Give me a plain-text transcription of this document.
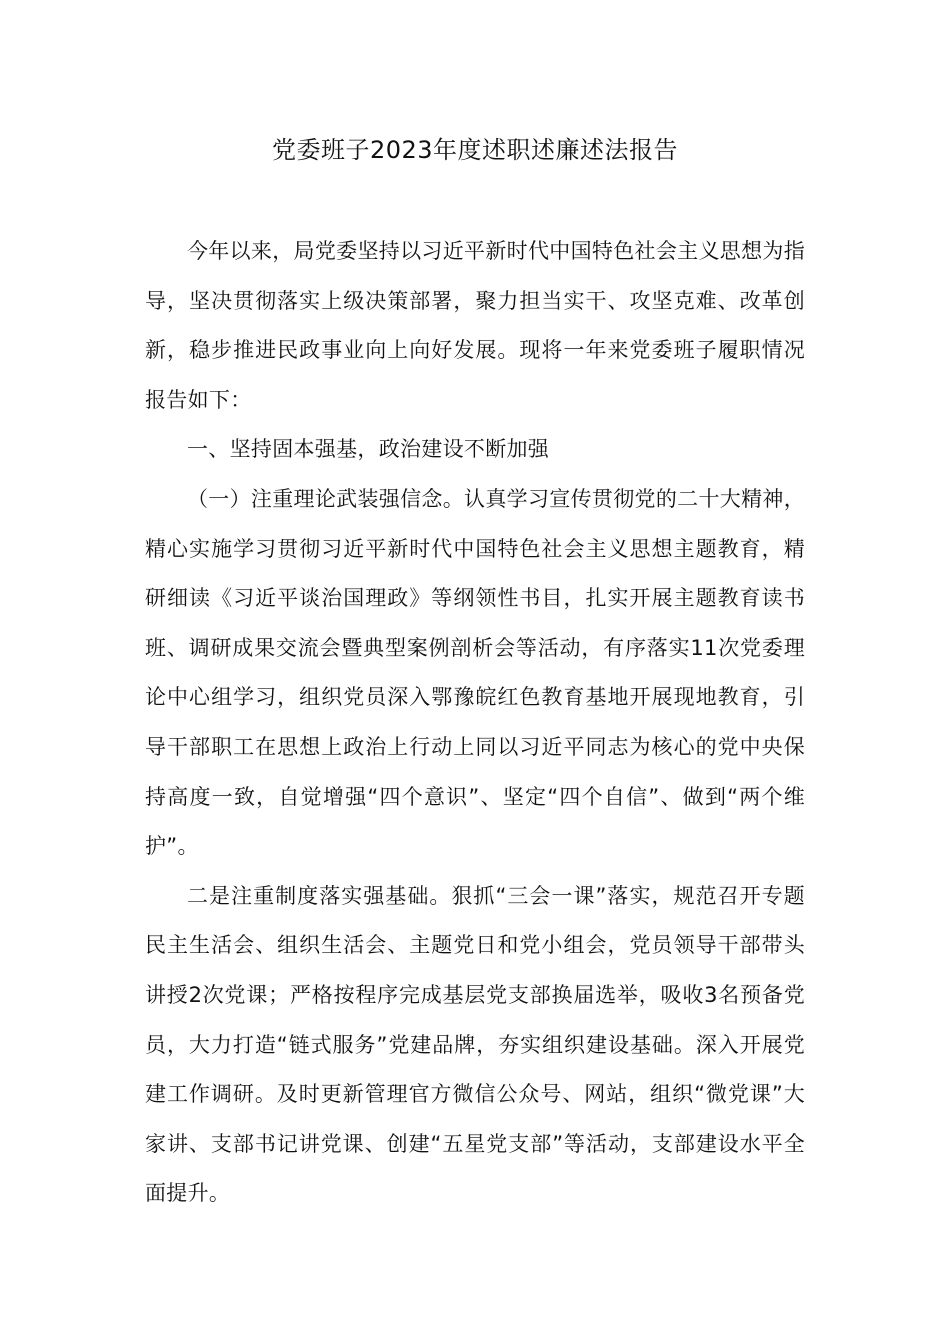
党委班子2023年度述职述廉述法报告

今年以来，局党委坚持以习近平新时代中国特色社会主义思想为指导，坚决贯彻落实上级决策部署，聚力担当实干、攻坚克难、改革创新，稳步推进民政事业向上向好发展。现将一年来党委班子履职情况报告如下：

一、坚持固本强基，政治建设不断加强

（一）注重理论武装强信念。认真学习宣传贯彻党的二十大精神，精心实施学习贯彻习近平新时代中国特色社会主义思想主题教育，精研细读《习近平谈治国理政》等纲领性书目，扎实开展主题教育读书班、调研成果交流会暨典型案例剖析会等活动，有序落实11次党委理论中心组学习，组织党员深入鄂豫皖红色教育基地开展现地教育，引导干部职工在思想上政治上行动上同以习近平同志为核心的党中央保持高度一致，自觉增强“四个意识”、坚定“四个自信”、做到“两个维护”。

二是注重制度落实强基础。狠抓“三会一课”落实，规范召开专题民主生活会、组织生活会、主题党日和党小组会，党员领导干部带头讲授2次党课；严格按程序完成基层党支部换届选举，吸收3名预备党员，大力打造“链式服务”党建品牌，夯实组织建设基础。深入开展党建工作调研。及时更新管理官方微信公众号、网站，组织“微党课”大家讲、支部书记讲党课、创建“五星党支部”等活动，支部建设水平全面提升。
